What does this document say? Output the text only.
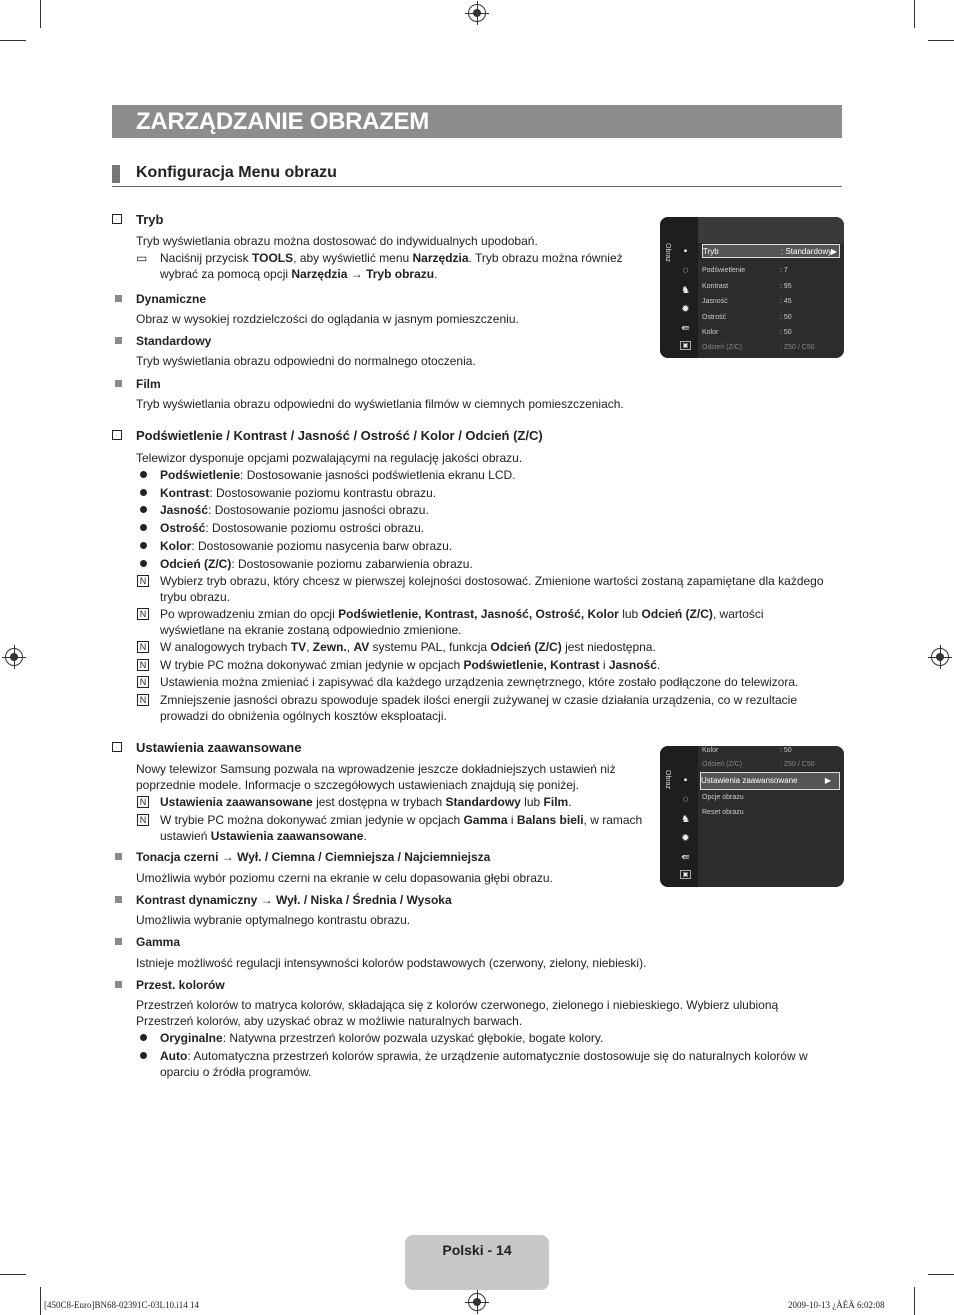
ZARZĄDZANIE OBRAZEM
Konfiguracja Menu obrazu
Tryb
Tryb wyświetlania obrazu można dostosować do indywidualnych upodobań.
▭ Naciśnij przycisk TOOLS, aby wyświetlić menu Narzędzia. Tryb obrazu można również
wybrać za pomocą opcji Narzędzia → Tryb obrazu.
Dynamiczne
Obraz w wysokiej rozdzielczości do oglądania w jasnym pomieszczeniu.
Standardowy
Tryb wyświetlania obrazu odpowiedni do normalnego otoczenia.
Film
Tryb wyświetlania obrazu odpowiedni do wyświetlania filmów w ciemnych pomieszczeniach.
Obraz	▪
◌
♞
✹
⇚
▣
Tryb	: Standardowy
▶
Podświetlenie	: 7
Kontrast	: 95
Jasność	: 45
Ostrość	: 50
Kolor	: 50
Odcień (Z/C)	: Z50 / C50
Podświetlenie / Kontrast / Jasność / Ostrość / Kolor / Odcień (Z/C)
Telewizor dysponuje opcjami pozwalającymi na regulację jakości obrazu.
Podświetlenie: Dostosowanie jasności podświetlenia ekranu LCD.
Kontrast: Dostosowanie poziomu kontrastu obrazu.
Jasność: Dostosowanie poziomu jasności obrazu.
Ostrość: Dostosowanie poziomu ostrości obrazu.
Kolor: Dostosowanie poziomu nasycenia barw obrazu.
Odcień (Z/C): Dostosowanie poziomu zabarwienia obrazu.
N Wybierz tryb obrazu, który chcesz w pierwszej kolejności dostosować. Zmienione wartości zostaną zapamiętane dla każdego
trybu obrazu.
N Po wprowadzeniu zmian do opcji Podświetlenie, Kontrast, Jasność, Ostrość, Kolor lub Odcień (Z/C), wartości
wyświetlane na ekranie zostaną odpowiednio zmienione.
N W analogowych trybach TV, Zewn., AV systemu PAL, funkcja Odcień (Z/C) jest niedostępna.
N W trybie PC można dokonywać zmian jedynie w opcjach Podświetlenie, Kontrast i Jasność.
N Ustawienia można zmieniać i zapisywać dla każdego urządzenia zewnętrznego, które zostało podłączone do telewizora.
N Zmniejszenie jasności obrazu spowoduje spadek ilości energii zużywanej w czasie działania urządzenia, co w rezultacie
prowadzi do obniżenia ogólnych kosztów eksploatacji.
Ustawienia zaawansowane
Nowy telewizor Samsung pozwala na wprowadzenie jeszcze dokładniejszych ustawień niż
poprzednie modele. Informacje o szczegółowych ustawieniach znajdują się poniżej.
N Ustawienia zaawansowane jest dostępna w trybach Standardowy lub Film.
N W trybie PC można dokonywać zmian jedynie w opcjach Gamma i Balans bieli, w ramach
ustawień Ustawienia zaawansowane.
Tonacja czerni → Wył. / Ciemna / Ciemniejsza / Najciemniejsza
Umożliwia wybór poziomu czerni na ekranie w celu dopasowania głębi obrazu.
Kontrast dynamiczny → Wył. / Niska / Średnia / Wysoka
Umożliwia wybranie optymalnego kontrastu obrazu.
Gamma
Istnieje możliwość regulacji intensywności kolorów podstawowych (czerwony, zielony, niebieski).
Przest. kolorów
Przestrzeń kolorów to matryca kolorów, składająca się z kolorów czerwonego, zielonego i niebieskiego. Wybierz ulubioną
Przestrzeń kolorów, aby uzyskać obraz w możliwie naturalnych barwach.
Oryginalne: Natywna przestrzeń kolorów pozwala uzyskać głębokie, bogate kolory.
Auto: Automatyczna przestrzeń kolorów sprawia, że urządzenie automatycznie dostosowuje się do naturalnych kolorów w
oparciu o źródła programów.
Obraz	▪
◌
♞
✹
⇚
▣
Kolor	: 50
Odcień (Z/C)	: Z50 / C50
Ustawienia zaawansowane	▶
Opcje obrazu
Reset obrazu
Polski - 14
[450C8-Euro]BN68-02391C-03L10.i14 14	2009-10-13 ¿ÀÈÄ 6:02:08
